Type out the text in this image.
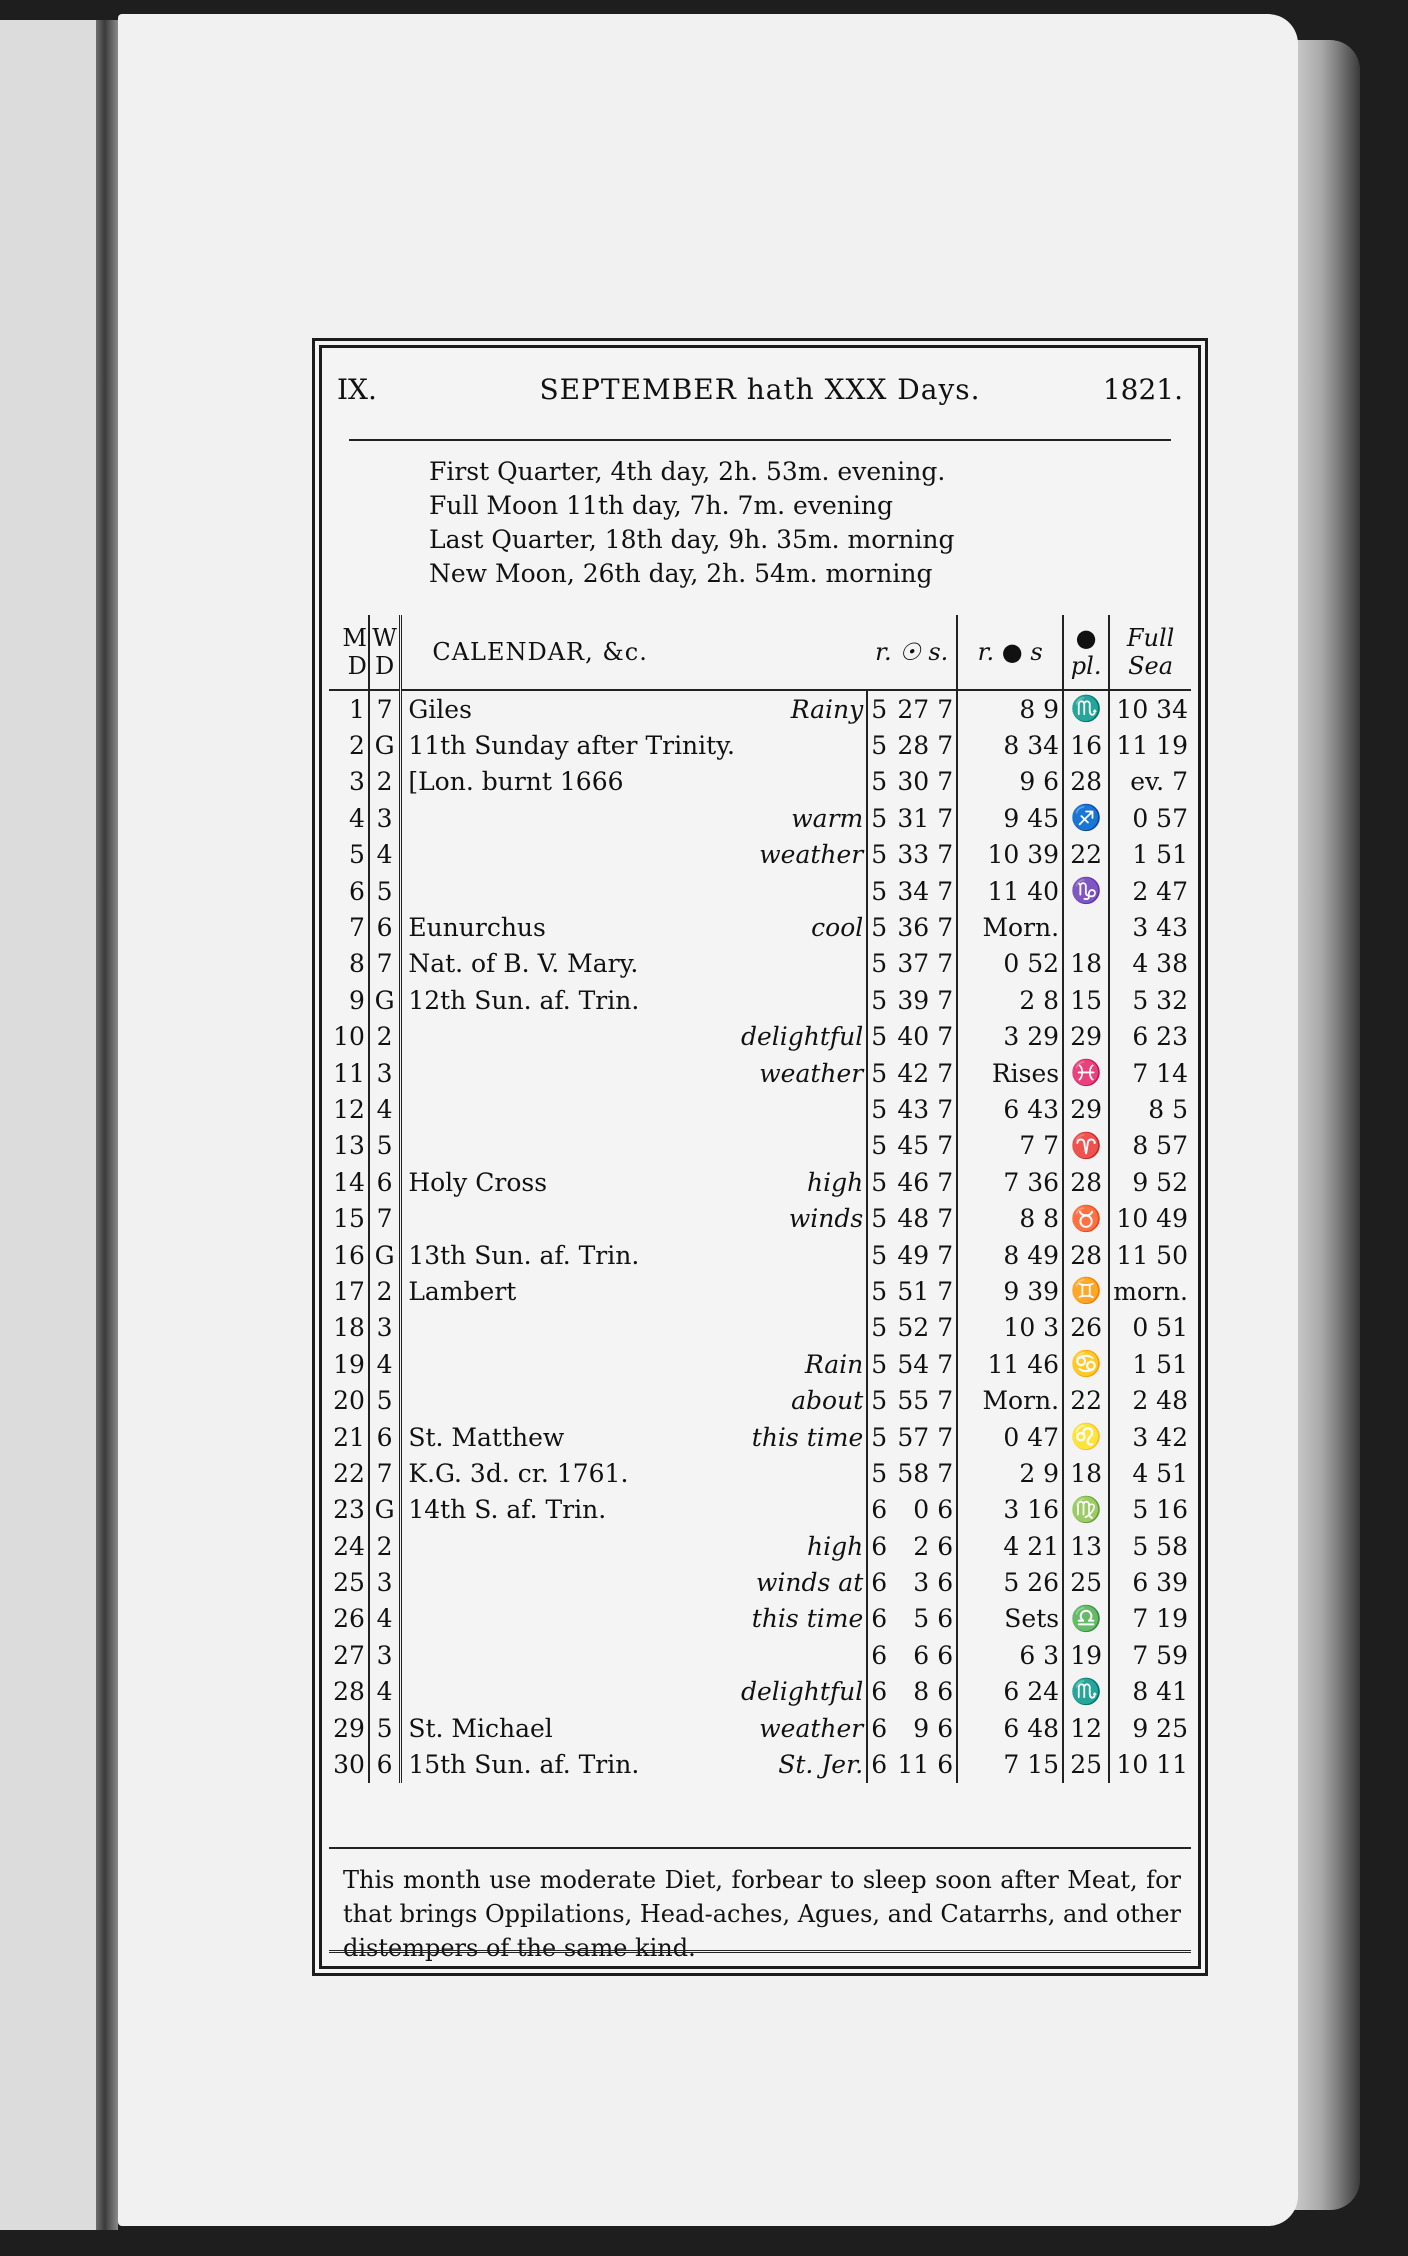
IX.	SEPTEMBER hath XXX Days.	1821.
First Quarter, 4th day, 2h. 53m. evening.
Full Moon 11th day, 7h. 7m. evening
Last Quarter, 18th day, 9h. 35m. morning
New Moon, 26th day, 2h. 54m. morning
M D	W D	CALENDAR, &c.		r. ☉ s.			r. ● s	● pl.	Full Sea
1	7	Giles	Rainy	5	27	7	8 9	♏	10 34
2	G	11th Sunday after Trinity.		5	28	7	8 34	16	11 19
3	2	[Lon. burnt 1666		5	30	7	9 6	28	ev. 7
4	3		warm	5	31	7	9 45	♐	0 57
5	4		weather	5	33	7	10 39	22	1 51
6	5			5	34	7	11 40	♑	2 47
7	6	Eunurchus	cool	5	36	7	Morn.		3 43
8	7	Nat. of B. V. Mary.		5	37	7	0 52	18	4 38
9	G	12th Sun. af. Trin.		5	39	7	2 8	15	5 32
10	2		delightful	5	40	7	3 29	29	6 23
11	3		weather	5	42	7	Rises	♓	7 14
12	4			5	43	7	6 43	29	8 5
13	5			5	45	7	7 7	♈	8 57
14	6	Holy Cross	high	5	46	7	7 36	28	9 52
15	7		winds	5	48	7	8 8	♉	10 49
16	G	13th Sun. af. Trin.		5	49	7	8 49	28	11 50
17	2	Lambert		5	51	7	9 39	♊	morn.
18	3			5	52	7	10 3	26	0 51
19	4		Rain	5	54	7	11 46	♋	1 51
20	5		about	5	55	7	Morn.	22	2 48
21	6	St. Matthew	this time	5	57	7	0 47	♌	3 42
22	7	K.G. 3d. cr. 1761.		5	58	7	2 9	18	4 51
23	G	14th S. af. Trin.		6	0	6	3 16	♍	5 16
24	2		high	6	2	6	4 21	13	5 58
25	3		winds at	6	3	6	5 26	25	6 39
26	4		this time	6	5	6	Sets	♎	7 19
27	3			6	6	6	6 3	19	7 59
28	4		delightful	6	8	6	6 24	♏	8 41
29	5	St. Michael	weather	6	9	6	6 48	12	9 25
30	6	15th Sun. af. Trin.	St. Jer.	6	11	6	7 15	25	10 11
This month use moderate Diet, forbear to sleep soon after Meat, for that brings Oppilations, Head-aches, Agues, and Catarrhs, and other distempers of the same kind.
